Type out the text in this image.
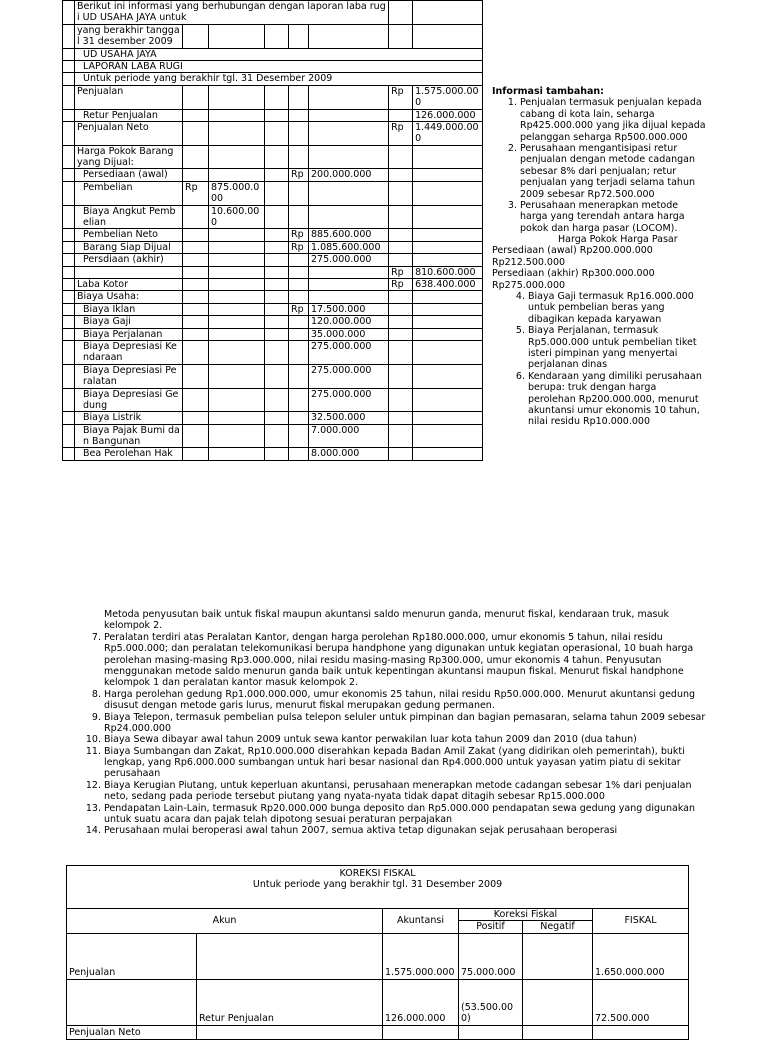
	Berikut ini informasi yang berhubungan dengan laporan laba rugi UD USAHA JAYA untuk							
	yang berakhir tanggal 31 desember 2009							
	UD USAHA JAYA							
	LAPORAN LABA RUGI							
	Untuk periode yang berakhir tgl. 31 Desember 2009							
	Penjualan						Rp	1.575.000.000
	Retur Penjualan							126.000.000
	Penjualan Neto						Rp	1.449.000.000
	Harga Pokok Barang yang Dijual:							
	Persediaan (awal)				Rp	200.000.000		
	Pembelian	Rp	875.000.000					
	Biaya Angkut Pembelian		10.600.000					
	Pembelian Neto				Rp	885.600.000		
	Barang Siap Dijual				Rp	1.085.600.000		
	Persdiaan (akhir)					275.000.000		
							Rp	810.600.000
	Laba Kotor						Rp	638.400.000
	Biaya Usaha:							
	Biaya Iklan				Rp	17.500.000		
	Biaya Gaji					120.000.000		
	Biaya Perjalanan					35.000.000		
	Biaya Depresiasi Kendaraan					275.000.000		
	Biaya Depresiasi Peralatan					275.000.000		
	Biaya Depresiasi Gedung					275.000.000		
	Biaya Listrik					32.500.000		
	Biaya Pajak Bumi dan Bangunan					7.000.000		
	Bea Perolehan Hak					8.000.000		
Informasi tambahan:
1. Penjualan termasuk penjualan kepada cabang di kota lain, seharga Rp425.000.000 yang jika dijual kepada pelanggan seharga Rp500.000.000
2. Perusahaan mengantisipasi retur penjualan dengan metode cadangan sebesar 8% dari penjualan; retur penjualan yang terjadi selama tahun 2009 sebesar Rp72.500.000
3. Perusahaan menerapkan metode harga yang terendah antara harga pokok dan harga pasar (LOCOM).
Harga Pokok Harga Pasar
Persediaan (awal) Rp200.000.000 Rp212.500.000
Persediaan (akhir) Rp300.000.000 Rp275.000.000
4. Biaya Gaji termasuk Rp16.000.000 untuk pembelian beras yang dibagikan kepada karyawan
5. Biaya Perjalanan, termasuk Rp5.000.000 untuk pembelian tiket isteri pimpinan yang menyertai perjalanan dinas
6. Kendaraan yang dimiliki perusahaan berupa: truk dengan harga perolehan Rp200.000.000, menurut akuntansi umur ekonomis 10 tahun, nilai residu Rp10.000.000

Metoda penyusutan baik untuk fiskal maupun akuntansi saldo menurun ganda, menurut fiskal, kendaraan truk, masuk kelompok 2.

7. Peralatan terdiri atas Peralatan Kantor, dengan harga perolehan Rp180.000.000, umur ekonomis 5 tahun, nilai residu Rp5.000.000; dan peralatan telekomunikasi berupa handphone yang digunakan untuk kegiatan operasional, 10 buah harga perolehan masing-masing Rp3.000.000, nilai residu masing-masing Rp300.000, umur ekonomis 4 tahun. Penyusutan menggunakan metode saldo menurun ganda baik untuk kepentingan akuntansi maupun fiskal. Menurut fiskal handphone kelompok 1 dan peralatan kantor masuk kelompok 2.
8. Harga perolehan gedung Rp1.000.000.000, umur ekonomis 25 tahun, nilai residu Rp50.000.000. Menurut akuntansi gedung disusut dengan metode garis lurus, menurut fiskal merupakan gedung permanen.
9. Biaya Telepon, termasuk pembelian pulsa telepon seluler untuk pimpinan dan bagian pemasaran, selama tahun 2009 sebesar Rp24.000.000
10. Biaya Sewa dibayar awal tahun 2009 untuk sewa kantor perwakilan luar kota tahun 2009 dan 2010 (dua tahun)
11. Biaya Sumbangan dan Zakat, Rp10.000.000 diserahkan kepada Badan Amil Zakat (yang didirikan oleh pemerintah), bukti lengkap, yang Rp6.000.000 sumbangan untuk hari besar nasional dan Rp4.000.000 untuk yayasan yatim piatu di sekitar perusahaan
12. Biaya Kerugian Piutang, untuk keperluan akuntansi, perusahaan menerapkan metode cadangan sebesar 1% dari penjualan neto, sedang pada periode tersebut piutang yang nyata-nyata tidak dapat ditagih sebesar Rp15.000.000
13. Pendapatan Lain-Lain, termasuk Rp20.000.000 bunga deposito dan Rp5.000.000 pendapatan sewa gedung yang digunakan untuk suatu acara dan pajak telah dipotong sesuai peraturan perpajakan
14. Perusahaan mulai beroperasi awal tahun 2007, semua aktiva tetap digunakan sejak perusahaan beroperasi
KOREKSI FISKAL
Untuk periode yang berakhir tgl. 31 Desember 2009					

Akun		Akuntansi	Koreksi Fiskal		FISKAL
			Positif	Negatif	
Penjualan		1.575.000.000	75.000.000		1.650.000.000
	Retur Penjualan	126.000.000	(53.500.000)		72.500.000
Penjualan Neto					
